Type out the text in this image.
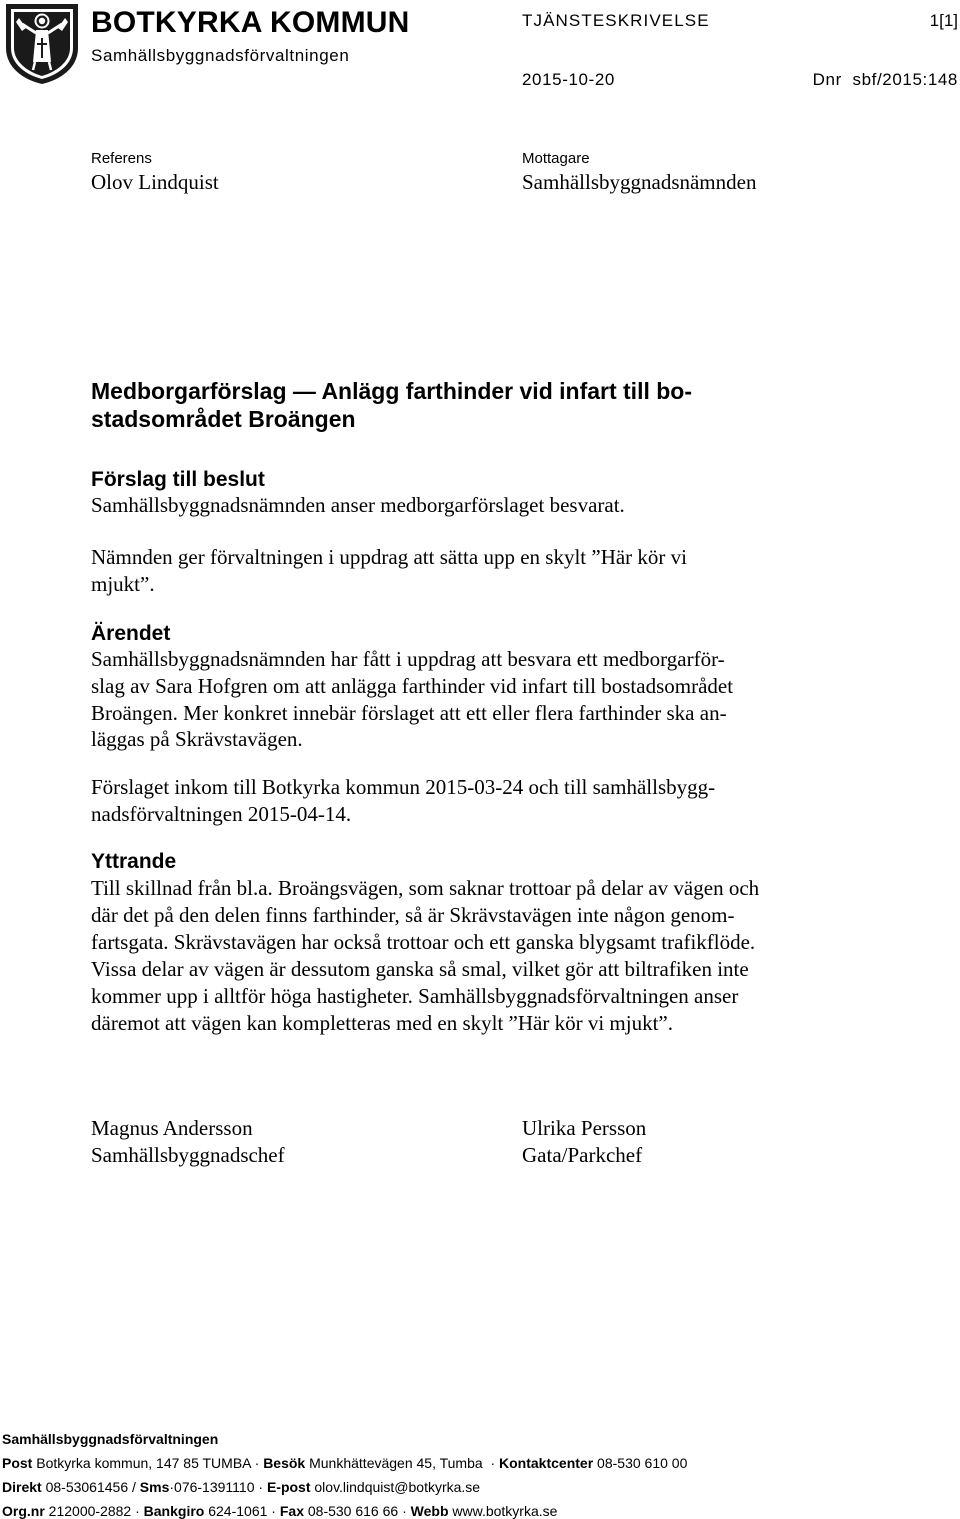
BOTKYRKA KOMMUN
Samhällsbyggnadsförvaltningen
TJÄNSTESKRIVELSE	1[1]
2015-10-20	Dnr  sbf/2015:148
Referens
Olov Lindquist
Mottagare
Samhällsbyggnadsnämnden
Medborgarförslag — Anlägg farthinder vid infart till bo-
stadsområdet Broängen
Förslag till beslut
Samhällsbyggnadsnämnden anser medborgarförslaget besvarat.
Nämnden ger förvaltningen i uppdrag att sätta upp en skylt ”Här kör vi
mjukt”.
Ärendet
Samhällsbyggnadsnämnden har fått i uppdrag att besvara ett medborgarför-
slag av Sara Hofgren om att anlägga farthinder vid infart till bostadsområdet
Broängen. Mer konkret innebär förslaget att ett eller flera farthinder ska an-
läggas på Skrävstavägen.
Förslaget inkom till Botkyrka kommun 2015-03-24 och till samhällsbygg-
nadsförvaltningen 2015-04-14.
Yttrande
Till skillnad från bl.a. Broängsvägen, som saknar trottoar på delar av vägen och
där det på den delen finns farthinder, så är Skrävstavägen inte någon genom-
fartsgata. Skrävstavägen har också trottoar och ett ganska blygsamt trafikflöde.
Vissa delar av vägen är dessutom ganska så smal, vilket gör att biltrafiken inte
kommer upp i alltför höga hastigheter. Samhällsbyggnadsförvaltningen anser
däremot att vägen kan kompletteras med en skylt ”Här kör vi mjukt”.
Magnus Andersson
Samhällsbyggnadschef
Ulrika Persson
Gata/Parkchef
Samhällsbyggnadsförvaltningen
Post Botkyrka kommun, 147 85 TUMBA · Besök Munkhättevägen 45, Tumba  · Kontaktcenter 08-530 610 00
Direkt 08-53061456 / Sms·076-1391110 · E-post olov.lindquist@botkyrka.se
Org.nr 212000-2882 · Bankgiro 624-1061 · Fax 08-530 616 66 · Webb www.botkyrka.se
